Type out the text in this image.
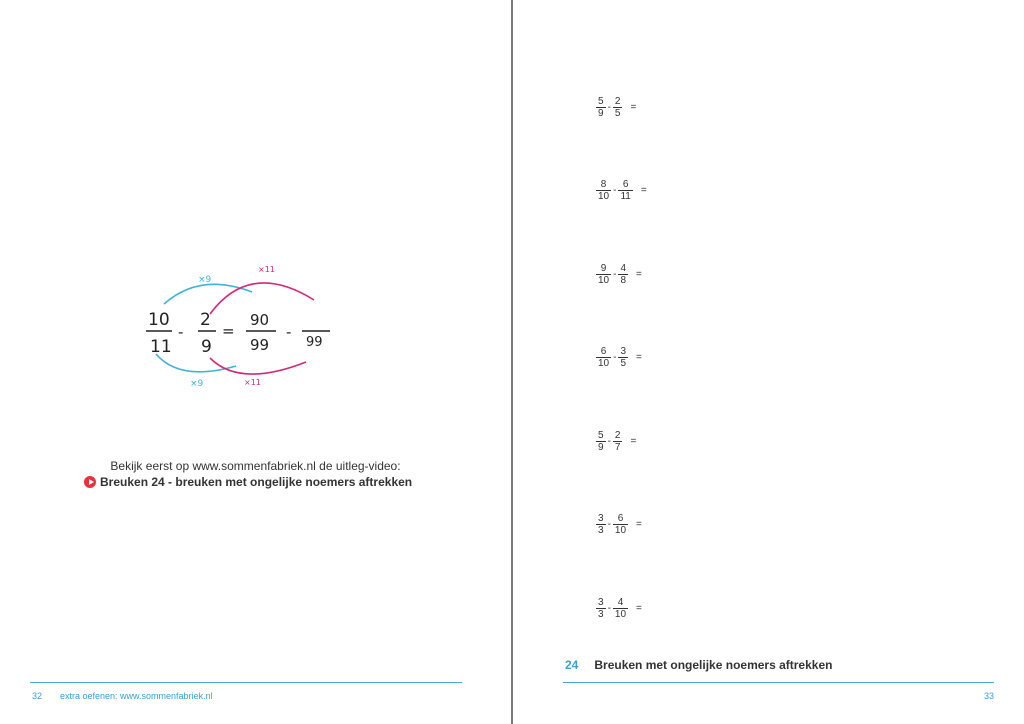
×9
×11
×9	×11
10
11
-
2
9
=
90
99
-
99
Bekijk eerst op www.sommenfabriek.nl de uitleg-video:
Breuken 24 - breuken met ongelijke noemers aftrekken
32 extra oefenen: www.sommenfabriek.nl
$\frac{5}{9} - \frac{2}{5}$ =
$\frac{8}{10} - \frac{6}{11}$ =
$\frac{9}{10} - \frac{4}{8}$ =
$\frac{6}{10} - \frac{3}{5}$ =
$\frac{5}{9} - \frac{2}{7}$ =
$\frac{3}{3} - \frac{6}{10}$ =
$\frac{3}{3} - \frac{4}{10}$ =
24 Breuken met ongelijke noemers aftrekken
33
